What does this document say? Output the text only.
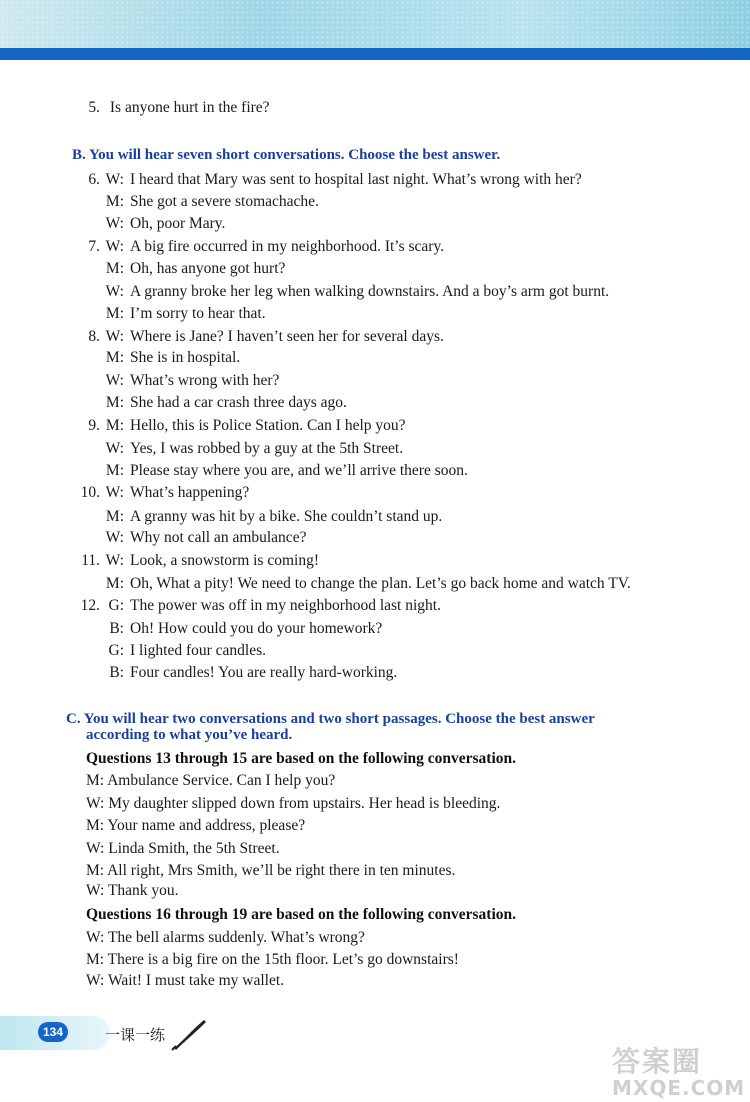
5. Is anyone hurt in the fire?
B. You will hear seven short conversations. Choose the best answer.
6. W: I heard that Mary was sent to hospital last night. What’s wrong with her?
M: She got a severe stomachache.
W: Oh, poor Mary.
7. W: A big fire occurred in my neighborhood. It’s scary.
M: Oh, has anyone got hurt?
W: A granny broke her leg when walking downstairs. And a boy’s arm got burnt.
M: I’m sorry to hear that.
8. W: Where is Jane? I haven’t seen her for several days.
M: She is in hospital.
W: What’s wrong with her?
M: She had a car crash three days ago.
9. M: Hello, this is Police Station. Can I help you?
W: Yes, I was robbed by a guy at the 5th Street.
M: Please stay where you are, and we’ll arrive there soon.
10. W: What’s happening?
M: A granny was hit by a bike. She couldn’t stand up.
W: Why not call an ambulance?
11. W: Look, a snowstorm is coming!
M: Oh, What a pity! We need to change the plan. Let’s go back home and watch TV.
12. G: The power was off in my neighborhood last night.
B: Oh! How could you do your homework?
G: I lighted four candles.
B: Four candles! You are really hard-working.
C. You will hear two conversations and two short passages. Choose the best answer
according to what you’ve heard.
Questions 13 through 15 are based on the following conversation.
M: Ambulance Service. Can I help you?
W: My daughter slipped down from upstairs. Her head is bleeding.
M: Your name and address, please?
W: Linda Smith, the 5th Street.
M: All right, Mrs Smith, we’ll be right there in ten minutes.
W: Thank you.
Questions 16 through 19 are based on the following conversation.
W: The bell alarms suddenly. What’s wrong?
M: There is a big fire on the 15th floor. Let’s go downstairs!
W: Wait! I must take my wallet.
134	一课一练
答案圈
MXQE.COM
